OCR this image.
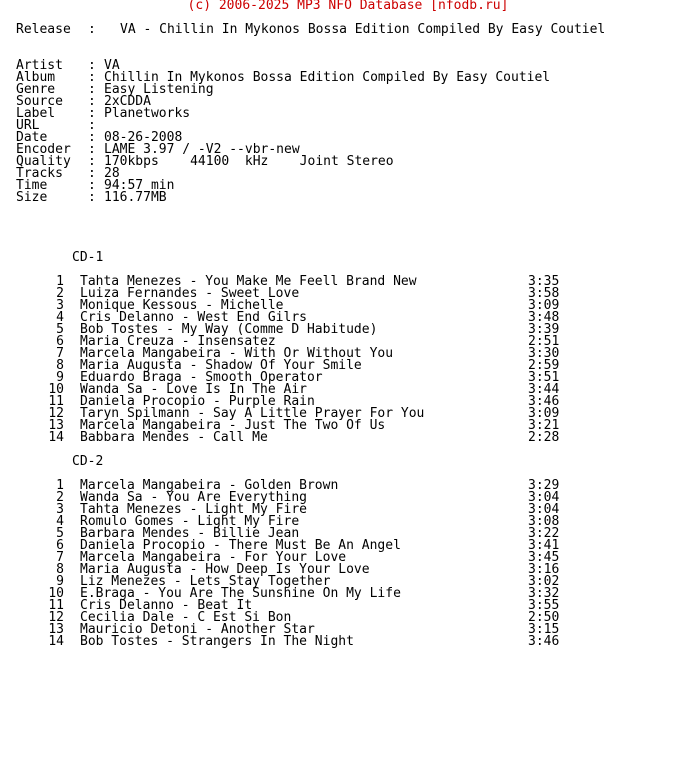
(c) 2006-2025 MP3 NFO Database [nfodb.ru]
Release : VA - Chillin In Mykonos Bossa Edition Compiled By Easy Coutiel
Artist : VA
Album	: Chillin In Mykonos Bossa Edition Compiled By Easy Coutiel
Genre	: Easy Listening
Source : 2xCDDA
Label	: Planetworks
URL	:
Date	: 08-26-2008
Encoder : LAME 3.97 / -V2 --vbr-new
Quality : 170kbps    44100  kHz    Joint Stereo
Tracks : 28
Time	: 94:57 min
Size	: 116.77MB
CD-1
1 Tahta Menezes - You Make Me Feell Brand New	3:35
2 Luiza Fernandes - Sweet Love	3:58
3 Monique Kessous - Michelle	3:09
4 Cris Delanno - West End Gilrs	3:48
5 Bob Tostes - My Way (Comme D Habitude)	3:39
6 Maria Creuza - Insensatez	2:51
7 Marcela Mangabeira - With Or Without You	3:30
8 Maria Augusta - Shadow Of Your Smile	2:59
9 Eduardo Braga - Smooth Operator	3:51
10 Wanda Sa - Love Is In The Air	3:44
11 Daniela Procopio - Purple Rain	3:46
12 Taryn Spilmann - Say A Little Prayer For You	3:09
13 Marcela Mangabeira - Just The Two Of Us	3:21
14 Babbara Mendes - Call Me	2:28
CD-2
1 Marcela Mangabeira - Golden Brown	3:29
2 Wanda Sa - You Are Everything	3:04
3 Tahta Menezes - Light My Fire	3:04
4 Romulo Gomes - Light My Fire	3:08
5 Barbara Mendes - Billie Jean	3:22
6 Daniela Procopio - There Must Be An Angel	3:41
7 Marcela Mangabeira - For Your Love	3:45
8 Maria Augusta - How Deep Is Your Love	3:16
9 Liz Menezes - Lets Stay Together	3:02
10 E.Braga - You Are The Sunshine On My Life	3:32
11 Cris Delanno - Beat It	3:55
12 Cecilia Dale - C Est Si Bon	2:50
13 Mauricio Detoni - Another Star	3:15
14 Bob Tostes - Strangers In The Night	3:46
